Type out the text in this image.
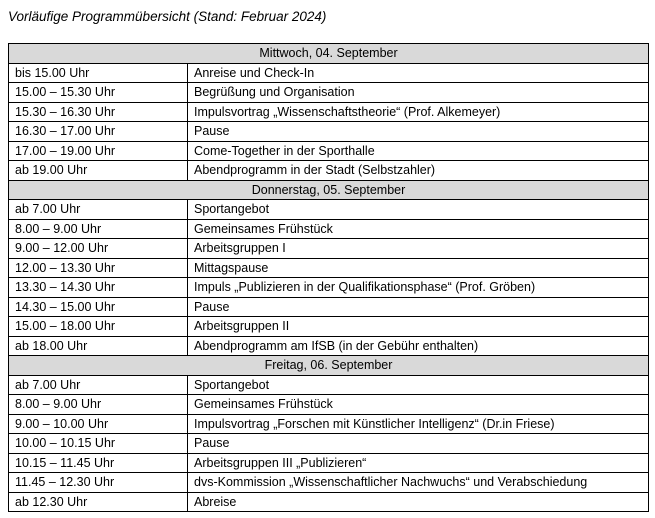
Vorläufige Programmübersicht (Stand: Februar 2024)
Mittwoch, 04. September	
bis 15.00 Uhr	Anreise und Check-In
15.00 – 15.30 Uhr	Begrüßung und Organisation
15.30 – 16.30 Uhr	Impulsvortrag „Wissenschaftstheorie“ (Prof. Alkemeyer)
16.30 – 17.00 Uhr	Pause
17.00 – 19.00 Uhr	Come-Together in der Sporthalle
ab 19.00 Uhr	Abendprogramm in der Stadt (Selbstzahler)
Donnerstag, 05. September	
ab 7.00 Uhr	Sportangebot
8.00 – 9.00 Uhr	Gemeinsames Frühstück
9.00 – 12.00 Uhr	Arbeitsgruppen I
12.00 – 13.30 Uhr	Mittagspause
13.30 – 14.30 Uhr	Impuls „Publizieren in der Qualifikationsphase“ (Prof. Gröben)
14.30 – 15.00 Uhr	Pause
15.00 – 18.00 Uhr	Arbeitsgruppen II
ab 18.00 Uhr	Abendprogramm am IfSB (in der Gebühr enthalten)
Freitag, 06. September	
ab 7.00 Uhr	Sportangebot
8.00 – 9.00 Uhr	Gemeinsames Frühstück
9.00 – 10.00 Uhr	Impulsvortrag „Forschen mit Künstlicher Intelligenz“ (Dr.in Friese)
10.00 – 10.15 Uhr	Pause
10.15 – 11.45 Uhr	Arbeitsgruppen III „Publizieren“
11.45 – 12.30 Uhr	dvs-Kommission „Wissenschaftlicher Nachwuchs“ und Verabschiedung
ab 12.30 Uhr	Abreise
